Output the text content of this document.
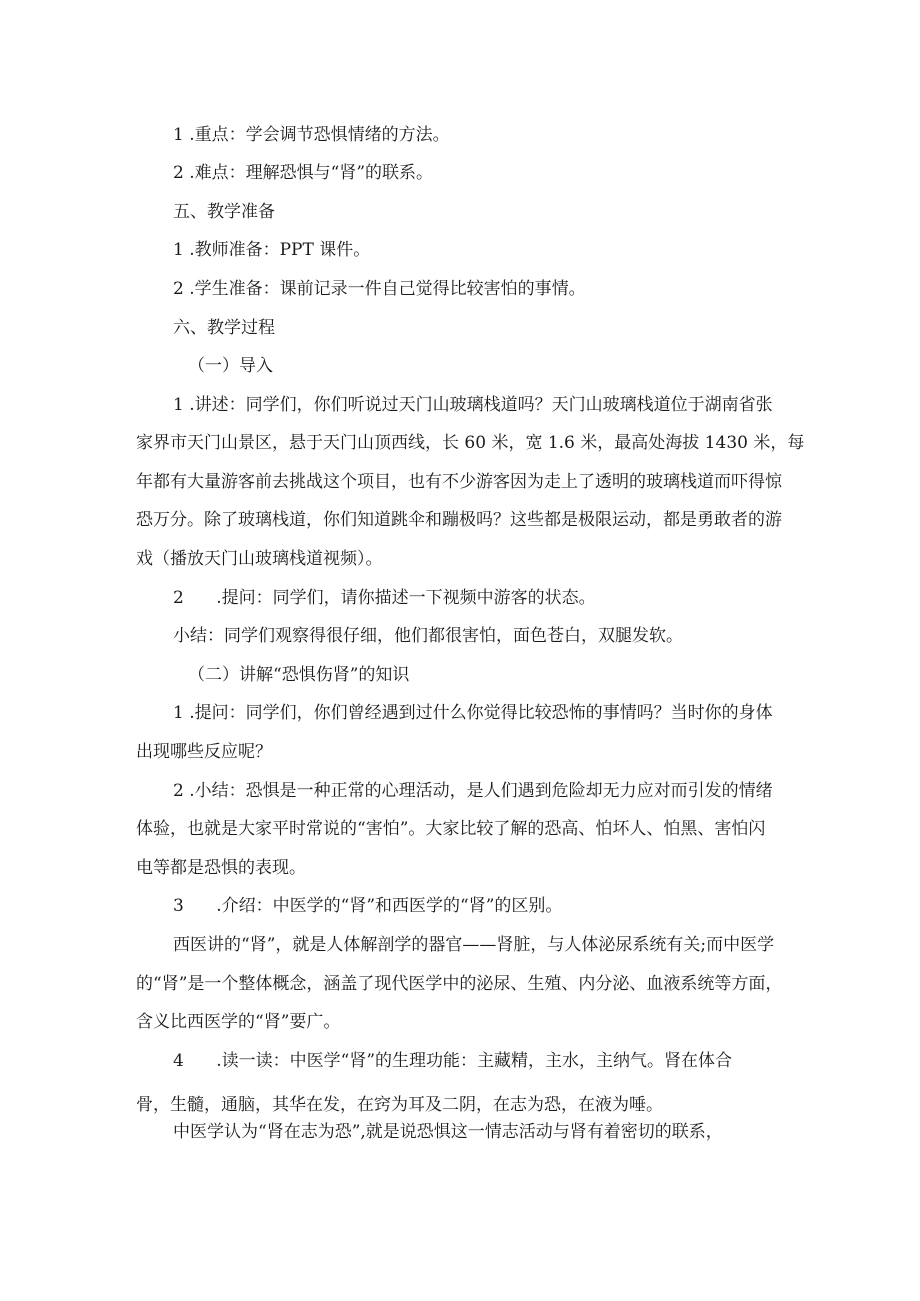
1 .重点：学会调节恐惧情绪的方法。
2 .难点：理解恐惧与“肾”的联系。
五、教学准备
1 .教师准备：PPT 课件。
2 .学生准备：课前记录一件自己觉得比较害怕的事情。
六、教学过程
（一）导入
1 .讲述：同学们，你们听说过天门山玻璃栈道吗？天门山玻璃栈道位于湖南省张
家界市天门山景区，悬于天门山顶西线，长 60 米，宽 1.6 米，最高处海拔 1430 米，每
年都有大量游客前去挑战这个项目，也有不少游客因为走上了透明的玻璃栈道而吓得惊
恐万分。除了玻璃栈道，你们知道跳伞和蹦极吗？这些都是极限运动，都是勇敢者的游
戏（播放天门山玻璃栈道视频）。
2      .提问：同学们，请你描述一下视频中游客的状态。
小结：同学们观察得很仔细，他们都很害怕，面色苍白，双腿发软。
（二）讲解“恐惧伤肾”的知识
1 .提问：同学们，你们曾经遇到过什么你觉得比较恐怖的事情吗？当时你的身体
出现哪些反应呢？
2 .小结：恐惧是一种正常的心理活动，是人们遇到危险却无力应对而引发的情绪
体验，也就是大家平时常说的“害怕”。大家比较了解的恐高、怕坏人、怕黑、害怕闪
电等都是恐惧的表现。
3      .介绍：中医学的“肾”和西医学的“肾”的区别。
西医讲的“肾”，就是人体解剖学的器官——肾脏，与人体泌尿系统有关;而中医学
的“肾”是一个整体概念，涵盖了现代医学中的泌尿、生殖、内分泌、血液系统等方面，
含义比西医学的“肾”要广。
4      .读一读：中医学“肾”的生理功能：主藏精，主水，主纳气。肾在体合
骨，生髓，通脑，其华在发，在窍为耳及二阴，在志为恐，在液为唾。
中医学认为“肾在志为恐”,就是说恐惧这一情志活动与肾有着密切的联系，
